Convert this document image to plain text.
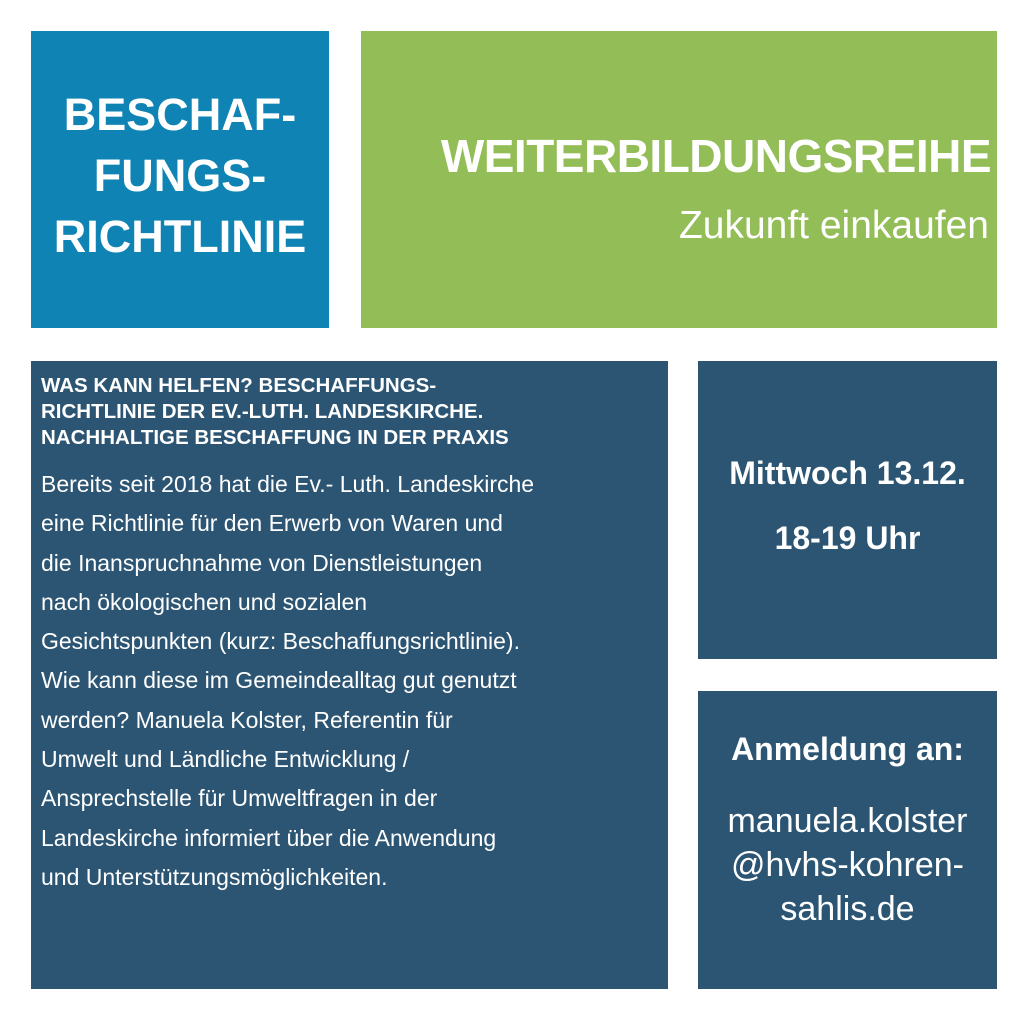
BESCHAF-
FUNGS-
RICHTLINIE
WEITERBILDUNGSREIHE
Zukunft einkaufen
WAS KANN HELFEN? BESCHAFFUNGS-
RICHTLINIE DER EV.-LUTH. LANDESKIRCHE.
NACHHALTIGE BESCHAFFUNG IN DER PRAXIS
Bereits seit 2018 hat die Ev.- Luth. Landeskirche
eine Richtlinie für den Erwerb von Waren und
die Inanspruchnahme von Dienstleistungen
nach ökologischen und sozialen
Gesichtspunkten (kurz: Beschaffungsrichtlinie).
Wie kann diese im Gemeindealltag gut genutzt
werden? Manuela Kolster, Referentin für
Umwelt und Ländliche Entwicklung /
Ansprechstelle für Umweltfragen in der
Landeskirche informiert über die Anwendung
und Unterstützungsmöglichkeiten.
Mittwoch 13.12.
18-19 Uhr
Anmeldung an:
manuela.kolster
@hvhs-kohren-
sahlis.de
